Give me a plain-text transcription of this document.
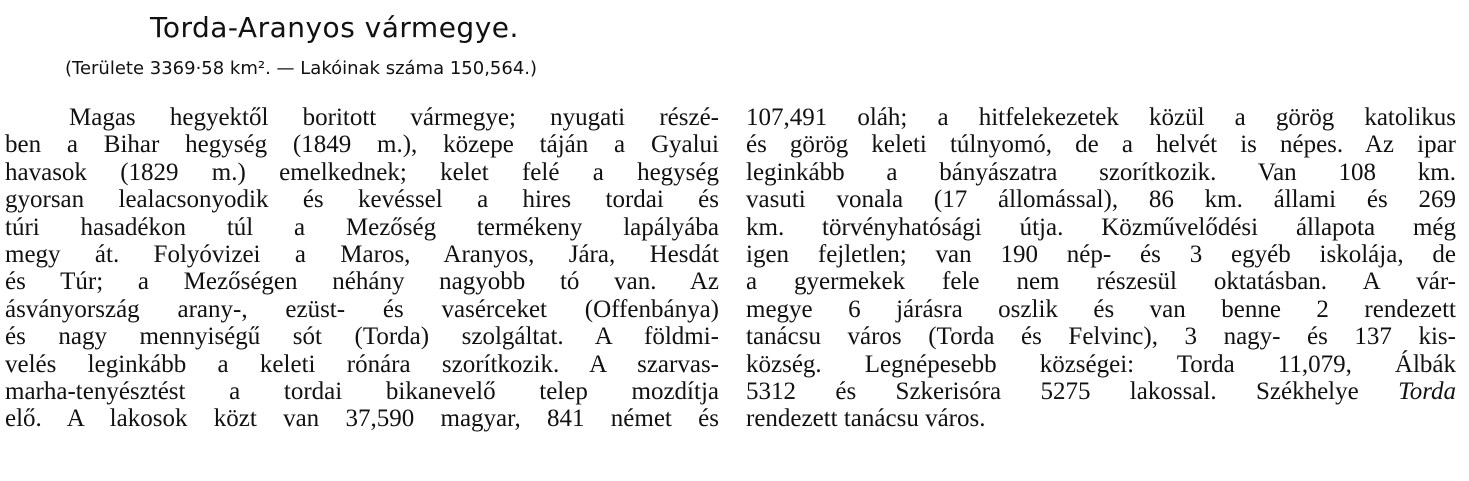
Torda-Aranyos vármegye.
(Területe 3369·58 km². — Lakóinak száma 150,564.)
Magas hegyektől boritott vármegye; nyugati részé-
ben a Bihar hegység (1849 m.), közepe táján a Gyalui
havasok (1829 m.) emelkednek; kelet felé a hegység
gyorsan lealacsonyodik és kevéssel a hires tordai és
túri hasadékon túl a Mezőség termékeny lapályába
megy át. Folyóvizei a Maros, Aranyos, Jára, Hesdát
és Túr; a Mezőségen néhány nagyobb tó van. Az
ásványország arany-, ezüst- és vasérceket (Offenbánya)
és nagy mennyiségű sót (Torda) szolgáltat. A földmi-
velés leginkább a keleti rónára szorítkozik. A szarvas-
marha-tenyésztést a tordai bikanevelő telep mozdítja
elő. A lakosok közt van 37,590 magyar, 841 német és
107,491 oláh; a hitfelekezetek közül a görög katolikus
és görög keleti túlnyomó, de a helvét is népes. Az ipar
leginkább a bányászatra szorítkozik. Van 108 km.
vasuti vonala (17 állomással), 86 km. állami és 269
km. törvényhatósági útja. Közművelődési állapota még
igen fejletlen; van 190 nép- és 3 egyéb iskolája, de
a gyermekek fele nem részesül oktatásban. A vár-
megye 6 járásra oszlik és van benne 2 rendezett
tanácsu város (Torda és Felvinc), 3 nagy- és 137 kis-
község. Legnépesebb községei: Torda 11,079, Álbák
5312 és Szkerisóra 5275 lakossal. Székhelye Torda
rendezett tanácsu város.
